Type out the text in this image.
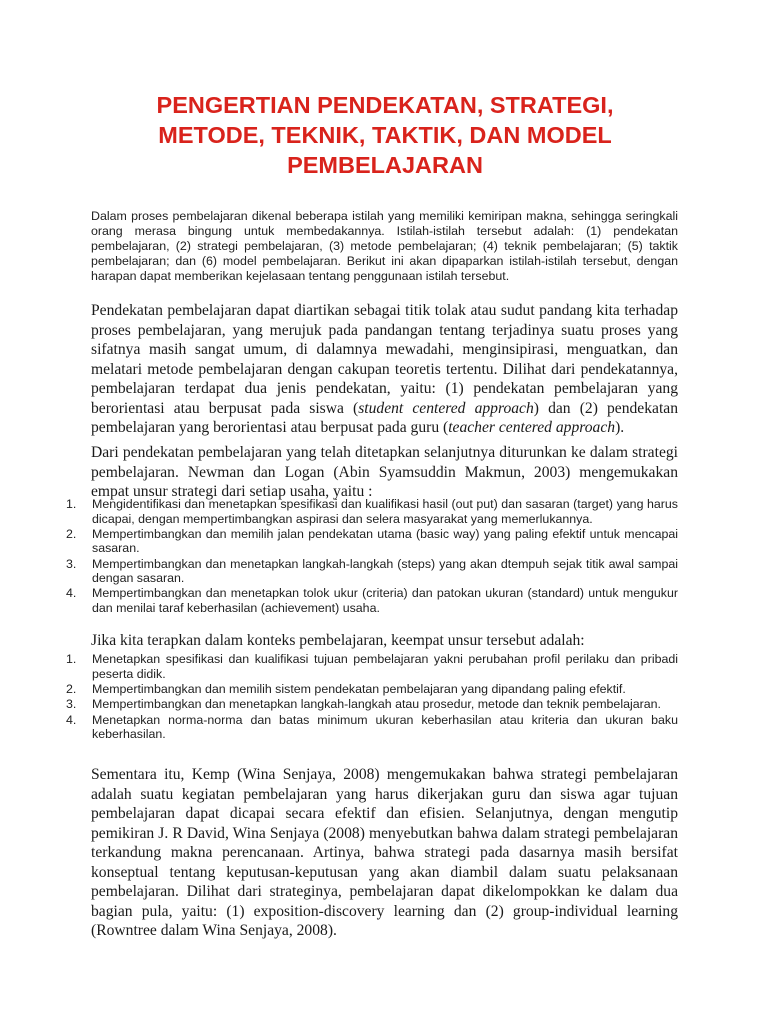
PENGERTIAN PENDEKATAN, STRATEGI,
METODE, TEKNIK, TAKTIK, DAN MODEL
PEMBELAJARAN

Dalam proses pembelajaran dikenal beberapa istilah yang memiliki kemiripan makna, sehingga seringkali orang merasa bingung untuk membedakannya. Istilah-istilah tersebut adalah: (1) pendekatan pembelajaran, (2) strategi pembelajaran, (3) metode pembelajaran; (4) teknik pembelajaran; (5) taktik pembelajaran; dan (6) model pembelajaran. Berikut ini akan dipaparkan istilah-istilah tersebut, dengan harapan dapat memberikan kejelasaan tentang penggunaan istilah tersebut.

Pendekatan pembelajaran dapat diartikan sebagai titik tolak atau sudut pandang kita terhadap proses pembelajaran, yang merujuk pada pandangan tentang terjadinya suatu proses yang sifatnya masih sangat umum, di dalamnya mewadahi, menginsipirasi, menguatkan, dan melatari metode pembelajaran dengan cakupan teoretis tertentu. Dilihat dari pendekatannya, pembelajaran terdapat dua jenis pendekatan, yaitu: (1) pendekatan pembelajaran yang berorientasi atau berpusat pada siswa (student centered approach) dan (2) pendekatan pembelajaran yang berorientasi atau berpusat pada guru (teacher centered approach).

Dari pendekatan pembelajaran yang telah ditetapkan selanjutnya diturunkan ke dalam strategi pembelajaran. Newman dan Logan (Abin Syamsuddin Makmun, 2003) mengemukakan empat unsur strategi dari setiap usaha, yaitu :

1. Mengidentifikasi dan menetapkan spesifikasi dan kualifikasi hasil (out put) dan sasaran (target) yang harus dicapai, dengan mempertimbangkan aspirasi dan selera masyarakat yang memerlukannya.
2. Mempertimbangkan dan memilih jalan pendekatan utama (basic way) yang paling efektif untuk mencapai sasaran.
3. Mempertimbangkan dan menetapkan langkah-langkah (steps) yang akan dtempuh sejak titik awal sampai dengan sasaran.
4. Mempertimbangkan dan menetapkan tolok ukur (criteria) dan patokan ukuran (standard) untuk mengukur dan menilai taraf keberhasilan (achievement) usaha.

Jika kita terapkan dalam konteks pembelajaran, keempat unsur tersebut adalah:

1. Menetapkan spesifikasi dan kualifikasi tujuan pembelajaran yakni perubahan profil perilaku dan pribadi peserta didik.
2. Mempertimbangkan dan memilih sistem pendekatan pembelajaran yang dipandang paling efektif.
3. Mempertimbangkan dan menetapkan langkah-langkah atau prosedur, metode dan teknik pembelajaran.
4. Menetapkan norma-norma dan batas minimum ukuran keberhasilan atau kriteria dan ukuran baku keberhasilan.

Sementara itu, Kemp (Wina Senjaya, 2008) mengemukakan bahwa strategi pembelajaran adalah suatu kegiatan pembelajaran yang harus dikerjakan guru dan siswa agar tujuan pembelajaran dapat dicapai secara efektif dan efisien. Selanjutnya, dengan mengutip pemikiran J. R David, Wina Senjaya (2008) menyebutkan bahwa dalam strategi pembelajaran terkandung makna perencanaan. Artinya, bahwa strategi pada dasarnya masih bersifat konseptual tentang keputusan-keputusan yang akan diambil dalam suatu pelaksanaan pembelajaran. Dilihat dari strateginya, pembelajaran dapat dikelompokkan ke dalam dua bagian pula, yaitu: (1) exposition-discovery learning dan (2) group-individual learning (Rowntree dalam Wina Senjaya, 2008).
